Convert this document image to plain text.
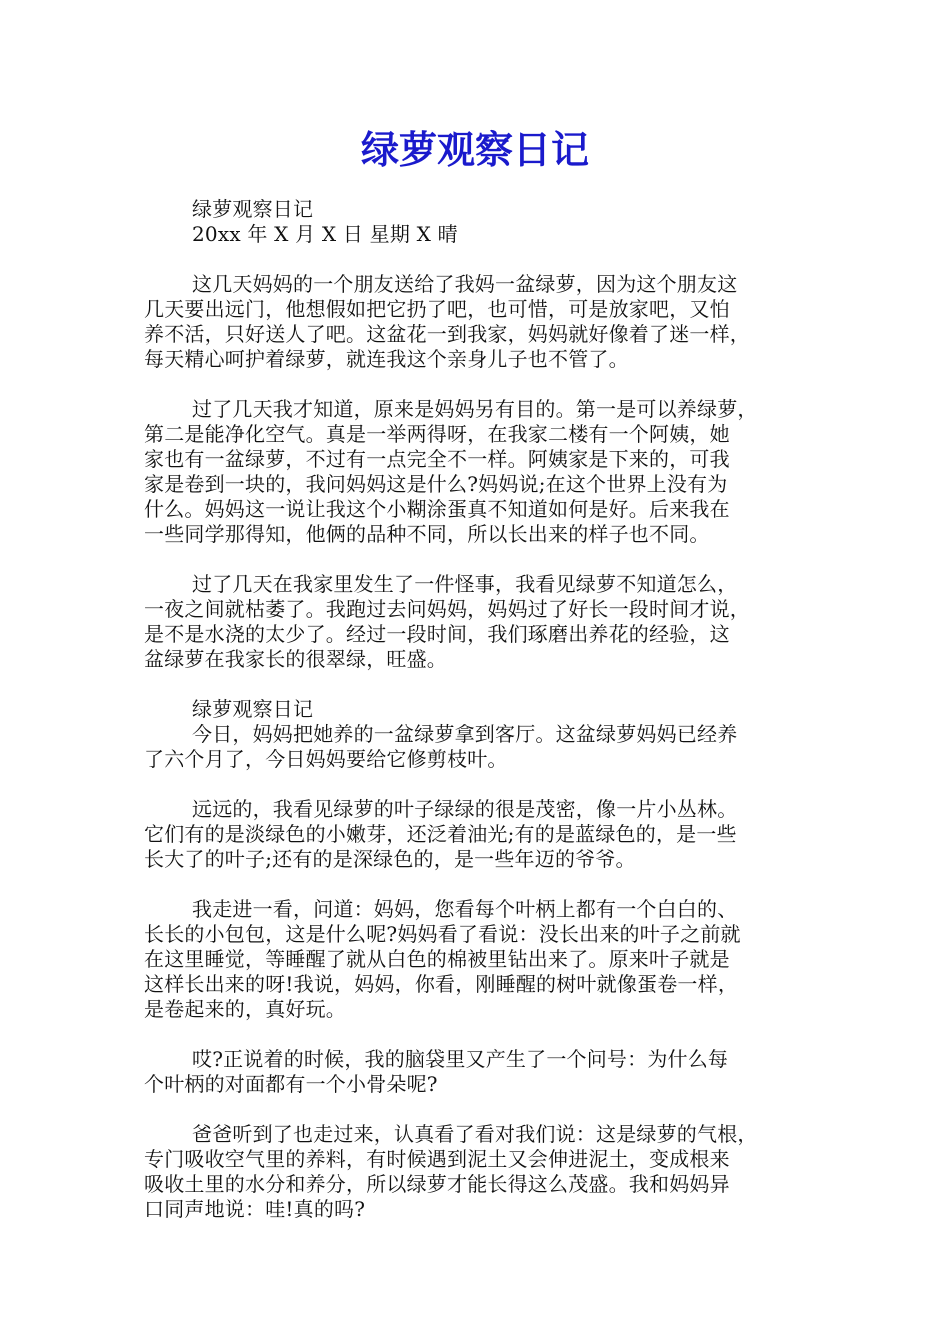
绿萝观察日记
绿萝观察日记
20xx 年 X 月 X 日 星期 X 晴
这几天妈妈的一个朋友送给了我妈一盆绿萝，因为这个朋友这
几天要出远门，他想假如把它扔了吧，也可惜，可是放家吧，又怕
养不活，只好送人了吧。这盆花一到我家，妈妈就好像着了迷一样，
每天精心呵护着绿萝，就连我这个亲身儿子也不管了。
过了几天我才知道，原来是妈妈另有目的。第一是可以养绿萝，
第二是能净化空气。真是一举两得呀，在我家二楼有一个阿姨，她
家也有一盆绿萝，不过有一点完全不一样。阿姨家是下来的，可我
家是卷到一块的，我问妈妈这是什么?妈妈说;在这个世界上没有为
什么。妈妈这一说让我这个小糊涂蛋真不知道如何是好。后来我在
一些同学那得知，他俩的品种不同，所以长出来的样子也不同。
过了几天在我家里发生了一件怪事，我看见绿萝不知道怎么，
一夜之间就枯萎了。我跑过去问妈妈，妈妈过了好长一段时间才说，
是不是水浇的太少了。经过一段时间，我们琢磨出养花的经验，这
盆绿萝在我家长的很翠绿，旺盛。
绿萝观察日记
今日，妈妈把她养的一盆绿萝拿到客厅。这盆绿萝妈妈已经养
了六个月了，今日妈妈要给它修剪枝叶。
远远的，我看见绿萝的叶子绿绿的很是茂密，像一片小丛林。
它们有的是淡绿色的小嫩芽，还泛着油光;有的是蓝绿色的，是一些
长大了的叶子;还有的是深绿色的，是一些年迈的爷爷。
我走进一看，问道：妈妈，您看每个叶柄上都有一个白白的、
长长的小包包，这是什么呢?妈妈看了看说：没长出来的叶子之前就
在这里睡觉，等睡醒了就从白色的棉被里钻出来了。原来叶子就是
这样长出来的呀!我说，妈妈，你看，刚睡醒的树叶就像蛋卷一样，
是卷起来的，真好玩。
哎?正说着的时候，我的脑袋里又产生了一个问号：为什么每
个叶柄的对面都有一个小骨朵呢?
爸爸听到了也走过来，认真看了看对我们说：这是绿萝的气根，
专门吸收空气里的养料，有时候遇到泥土又会伸进泥土，变成根来
吸收土里的水分和养分，所以绿萝才能长得这么茂盛。我和妈妈异
口同声地说：哇!真的吗?
